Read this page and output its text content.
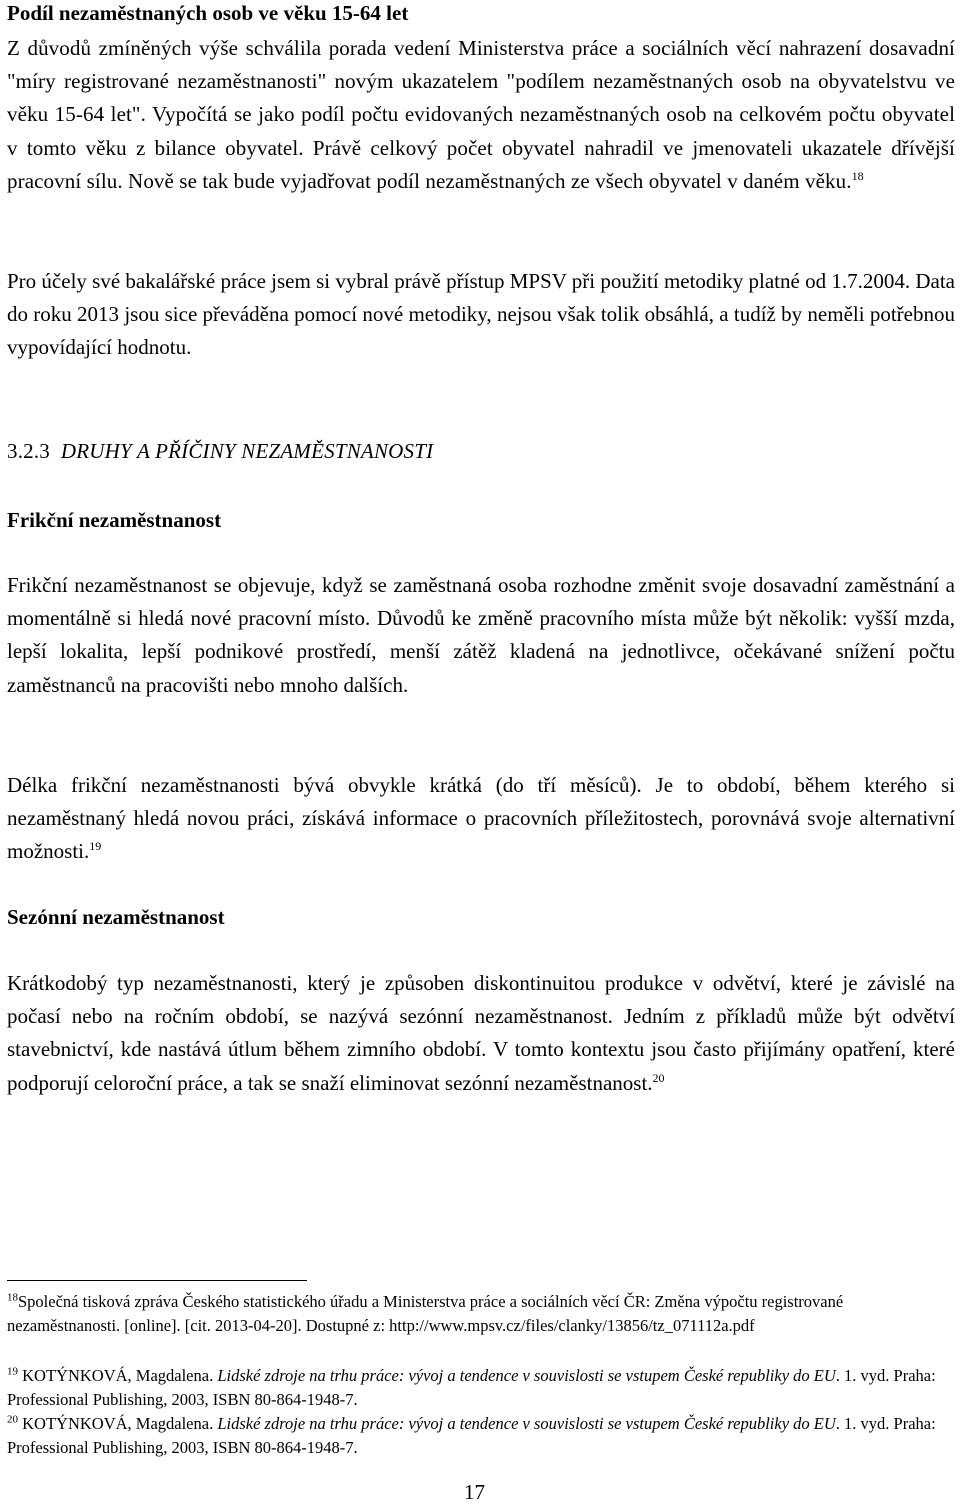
Podíl nezaměstnaných osob ve věku 15-64 let

Z důvodů zmíněných výše schválila porada vedení Ministerstva práce a sociálních věcí nahrazení dosavadní "míry registrované nezaměstnanosti" novým ukazatelem "podílem nezaměstnaných osob na obyvatelstvu ve věku 15-64 let". Vypočítá se jako podíl počtu evidovaných nezaměstnaných osob na celkovém počtu obyvatel v tomto věku z bilance obyvatel. Právě celkový počet obyvatel nahradil ve jmenovateli ukazatele dřívější pracovní sílu. Nově se tak bude vyjadřovat podíl nezaměstnaných ze všech obyvatel v daném věku.$^{18}$

Pro účely své bakalářské práce jsem si vybral právě přístup MPSV při použití metodiky platné od 1.7.2004. Data do roku 2013 jsou sice převáděna pomocí nové metodiky, nejsou však tolik obsáhlá, a tudíž by neměli potřebnou vypovídající hodnotu.

3.2.3 DRUHY A PŘÍČINY NEZAMĚSTNANOSTI
Frikční nezaměstnanost

Frikční nezaměstnanost se objevuje, když se zaměstnaná osoba rozhodne změnit svoje dosavadní zaměstnání a momentálně si hledá nové pracovní místo. Důvodů ke změně pracovního místa může být několik: vyšší mzda, lepší lokalita, lepší podnikové prostředí, menší zátěž kladená na jednotlivce, očekávané snížení počtu zaměstnanců na pracovišti nebo mnoho dalších.

Délka frikční nezaměstnanosti bývá obvykle krátká (do tří měsíců). Je to období, během kterého si nezaměstnaný hledá novou práci, získává informace o pracovních příležitostech, porovnává svoje alternativní možnosti.$^{19}$

Sezónní nezaměstnanost

Krátkodobý typ nezaměstnanosti, který je způsoben diskontinuitou produkce v odvětví, které je závislé na počasí nebo na ročním období, se nazývá sezónní nezaměstnanost. Jedním z příkladů může být odvětví stavebnictví, kde nastává útlum během zimního období. V tomto kontextu jsou často přijímány opatření, které podporují celoroční práce, a tak se snaží eliminovat sezónní nezaměstnanost.$^{20}$

$^{18}$Společná tisková zpráva Českého statistického úřadu a Ministerstva práce a sociálních věcí ČR: Změna výpočtu registrované nezaměstnanosti. [online]. [cit. 2013-04-20]. Dostupné z: http://www.mpsv.cz/files/clanky/13856/tz_071112a.pdf
$^{19}$ KOTÝNKOVÁ, Magdalena. Lidské zdroje na trhu práce: vývoj a tendence v souvislosti se vstupem České republiky do EU. 1. vyd. Praha: Professional Publishing, 2003, ISBN 80-864-1948-7.
$^{20}$ KOTÝNKOVÁ, Magdalena. Lidské zdroje na trhu práce: vývoj a tendence v souvislosti se vstupem České republiky do EU. 1. vyd. Praha: Professional Publishing, 2003, ISBN 80-864-1948-7.
17
